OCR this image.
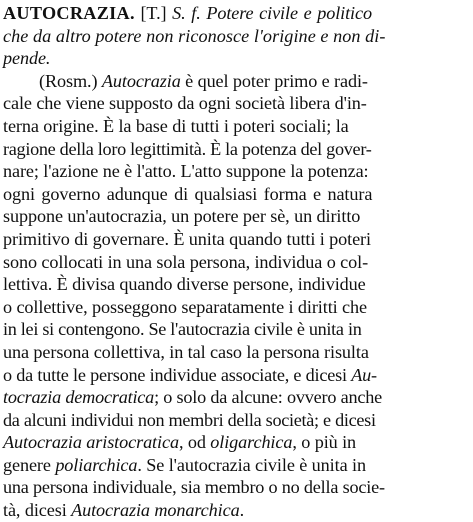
AUTOCRAZIA. [T.] S. f. Potere civile e politico
che da altro potere non riconosce l'origine e non di-
pende.
(Rosm.) Autocrazia è quel poter primo e radi-
cale che viene supposto da ogni società libera d'in-
terna origine. È la base di tutti i poteri sociali; la
ragione della loro legittimità. È la potenza del gover-
nare; l'azione ne è l'atto. L'atto suppone la potenza:
ogni governo adunque di qualsiasi forma e natura
suppone un'autocrazia, un potere per sè, un diritto
primitivo di governare. È unita quando tutti i poteri
sono collocati in una sola persona, individua o col-
lettiva. È divisa quando diverse persone, individue
o collettive, posseggono separatamente i diritti che
in lei si contengono. Se l'autocrazia civile è unita in
una persona collettiva, in tal caso la persona risulta
o da tutte le persone individue associate, e dicesi Au-
tocrazia democratica; o solo da alcune: ovvero anche
da alcuni individui non membri della società; e dicesi
Autocrazia aristocratica, od oligarchica, o più in
genere poliarchica. Se l'autocrazia civile è unita in
una persona individuale, sia membro o no della socie-
tà, dicesi Autocrazia monarchica.
